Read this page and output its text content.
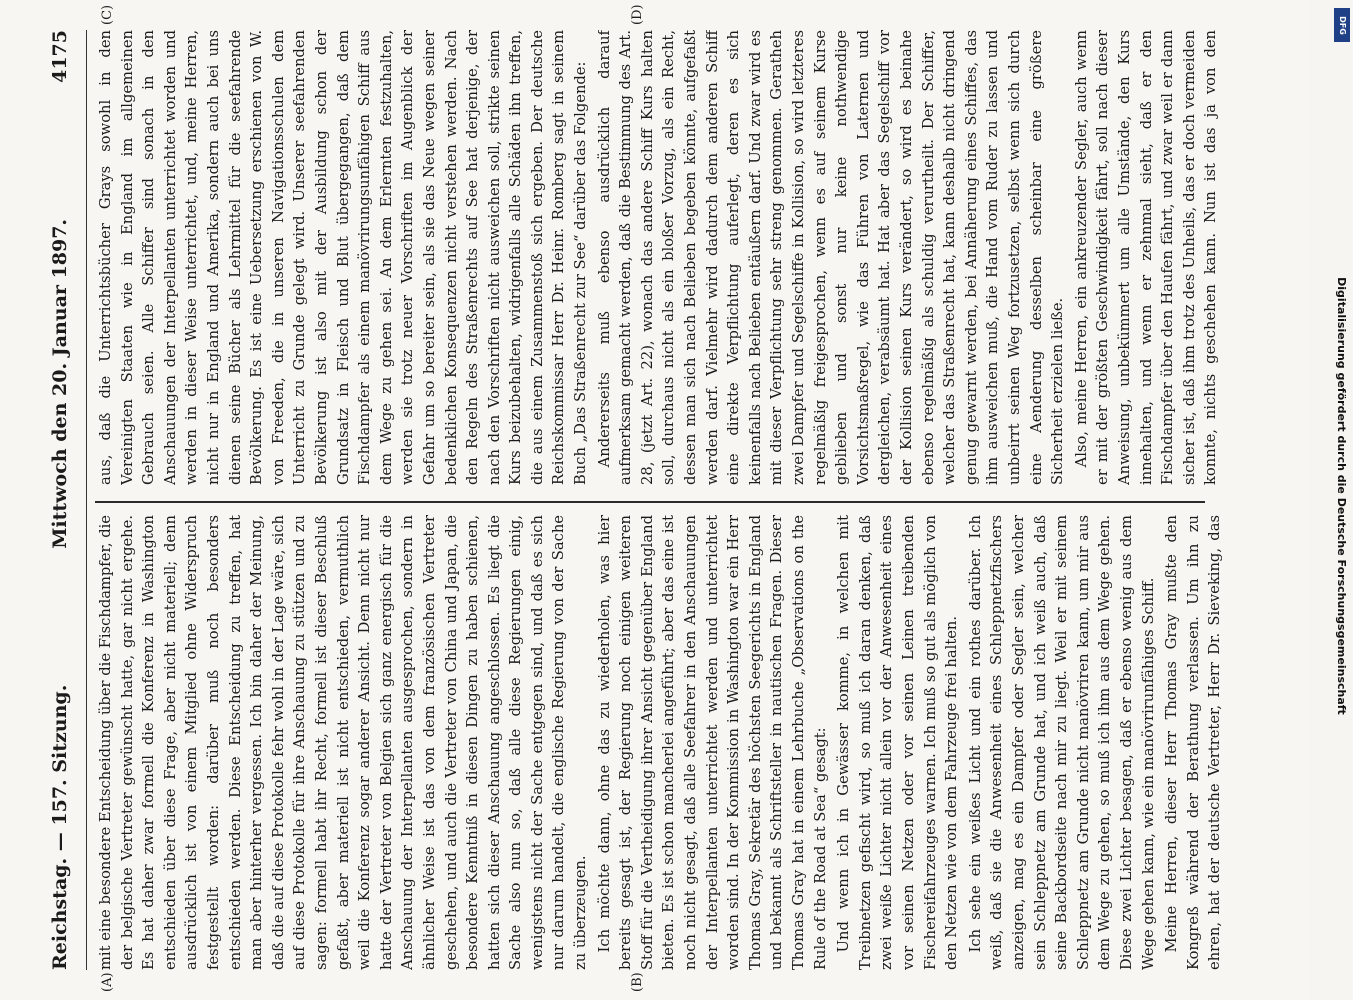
Reichstag. — 157. Sitzung.
Mittwoch den 20. Januar 1897.
4175

mit eine besondere Entscheidung über die Fischdampfer, die der belgische Vertreter gewünscht hatte, gar nicht ergehe. Es hat daher zwar formell die Konferenz in Washington entschieden über diese Frage, aber nicht materiell; denn ausdrücklich ist von einem Mitglied ohne Widerspruch festgestellt worden: darüber muß noch besonders entschieden werden. Diese Entscheidung zu treffen, hat man aber hinterher vergessen. Ich bin daher der Meinung, daß die auf diese Protokolle fehr wohl in der Lage wäre, sich auf diese Protokolle für ihre Anschauung zu stützen und zu sagen: formell habt ihr Recht, formell ist dieser Beschluß gefaßt, aber materiell ist nicht entschieden, vermuthlich weil die Konferenz sogar anderer Ansicht. Denn nicht nur hatte der Vertreter von Belgien sich ganz energisch für die Anschauung der Interpellanten ausgesprochen, sondern in ähnlicher Weise ist das von dem französischen Vertreter geschehen, und auch die Vertreter von China und Japan, die besondere Kenntniß in diesen Dingen zu haben schienen, hatten sich dieser Anschauung angeschlossen. Es liegt die Sache also nun so, daß alle diese Regierungen einig, wenigstens nicht der Sache entgegen sind, und daß es sich nur darum handelt, die englische Regierung von der Sache zu überzeugen. Ich möchte dann, ohne das zu wiederholen, was hier bereits gesagt ist, der Regierung noch einigen weiteren Stoff für die Vertheidigung ihrer Ansicht gegenüber England bieten. Es ist schon mancherlei angeführt; aber das eine ist noch nicht gesagt, daß alle Seefahrer in den Anschauungen der Interpellanten unterrichtet werden und unterrichtet worden sind. In der Kommission in Washington war ein Herr Thomas Gray, Sekretär des höchsten Seegerichts in England und bekannt als Schriftsteller in nautischen Fragen. Dieser Thomas Gray hat in einem Lehrbuche „Observations on the Rule of the Road at Sea“ gesagt: Und wenn ich in Gewässer komme, in welchen mit Treibnetzen gefischt wird, so muß ich daran denken, daß zwei weiße Lichter nicht allein vor der Anwesenheit eines vor seinen Netzen oder vor seinen Leinen treibenden Fischereifahrzeuges warnen. Ich muß so gut als möglich von den Netzen wie von dem Fahrzeuge frei halten. Ich sehe ein weißes Licht und ein rothes darüber. Ich weiß, daß sie die Anwesenheit eines Schleppnetzfischers anzeigen, mag es ein Dampfer oder Segler sein, welcher sein Schleppnetz am Grunde hat, und ich weiß auch, daß seine Backbordseite nach mir zu liegt. Weil er mit seinem Schleppnetz am Grunde nicht manövriren kann, um mir aus dem Wege zu gehen, so muß ich ihm aus dem Wege gehen. Diese zwei Lichter besagen, daß er ebenso wenig aus dem Wege gehen kann, wie ein manövrirunfähiges Schiff. Meine Herren, dieser Herr Thomas Gray mußte den Kongreß während der Berathung verlassen. Um ihn zu ehren, hat der deutsche Vertreter, Herr Dr. Sieveking, das

aus, daß die Unterrichtsbücher Grays sowohl in den Vereinigten Staaten wie in England im allgemeinen Gebrauch seien. Alle Schiffer sind sonach in den Anschauungen der Interpellanten unterrichtet worden und werden in dieser Weise unterrichtet, und, meine Herren, nicht nur in England und Amerika, sondern auch bei uns dienen seine Bücher als Lehrmittel für die seefahrende Bevölkerung. Es ist eine Uebersetzung erschienen von W. von Freeden, die in unseren Navigationsschulen dem Unterricht zu Grunde gelegt wird. Unserer seefahrenden Bevölkerung ist also mit der Ausbildung schon der Grundsatz in Fleisch und Blut übergegangen, daß dem Fischdampfer als einem manövrirungsunfähigen Schiff aus dem Wege zu gehen sei. An dem Erlernten festzuhalten, werden sie trotz neuer Vorschriften im Augenblick der Gefahr um so bereiter sein, als sie das Neue wegen seiner bedenklichen Konsequenzen nicht verstehen werden. Nach den Regeln des Straßenrechts auf See hat derjenige, der nach den Vorschriften nicht ausweichen soll, strikte seinen Kurs beizubehalten, widrigenfalls alle Schäden ihn treffen, die aus einem Zusammenstoß sich ergeben. Der deutsche Reichskommissar Herr Dr. Heinr. Romberg sagt in seinem Buch „Das Straßenrecht zur See“ darüber das Folgende: Andererseits muß ebenso ausdrücklich darauf aufmerksam gemacht werden, daß die Bestimmung des Art. 28, (jetzt Art. 22), wonach das andere Schiff Kurs halten soll, durchaus nicht als ein bloßer Vorzug, als ein Recht, dessen man sich nach Belieben begeben könnte, aufgefaßt werden darf. Vielmehr wird dadurch dem anderen Schiff eine direkte Verpflichtung auferlegt, deren es sich keinenfalls nach Belieben entäußern darf. Und zwar wird es mit dieser Verpflichtung sehr streng genommen. Geratheh zwei Dampfer und Segelschiffe in Kollision, so wird letzteres regelmäßig freigesprochen, wenn es auf seinem Kurse geblieben und sonst nur keine nothwendige Vorsichtsmaßregel, wie das Führen von Laternen und dergleichen, verabsäumt hat. Hat aber das Segelschiff vor der Kollision seinen Kurs verändert, so wird es beinahe ebenso regelmäßig als schuldig verurtheilt. Der Schiffer, welcher das Straßenrecht hat, kann deshalb nicht dringend genug gewarnt werden, bei Annäherung eines Schiffes, das ihm ausweichen muß, die Hand vom Ruder zu lassen und unbeirrt seinen Weg fortzusetzen, selbst wenn sich durch eine Aenderung desselben scheinbar eine größere Sicherheit erzielen ließe. Also, meine Herren, ein ankreuzender Segler, auch wenn er mit der größten Geschwindigkeit fährt, soll nach dieser Anweisung, unbekümmert um alle Umstände, den Kurs innehalten, und wenn er zehnmal sieht, daß er den Fischdampfer über den Haufen fährt, und zwar weil er dann sicher ist, daß ihm trotz des Unheils, das er doch vermeiden konnte, nichts geschehen kann. Nun ist das ja von den

(A)	(B)
(C)	(D)
Digitalisierung gefördert durch die Deutsche Forschungsgemeinschaft
DFG
